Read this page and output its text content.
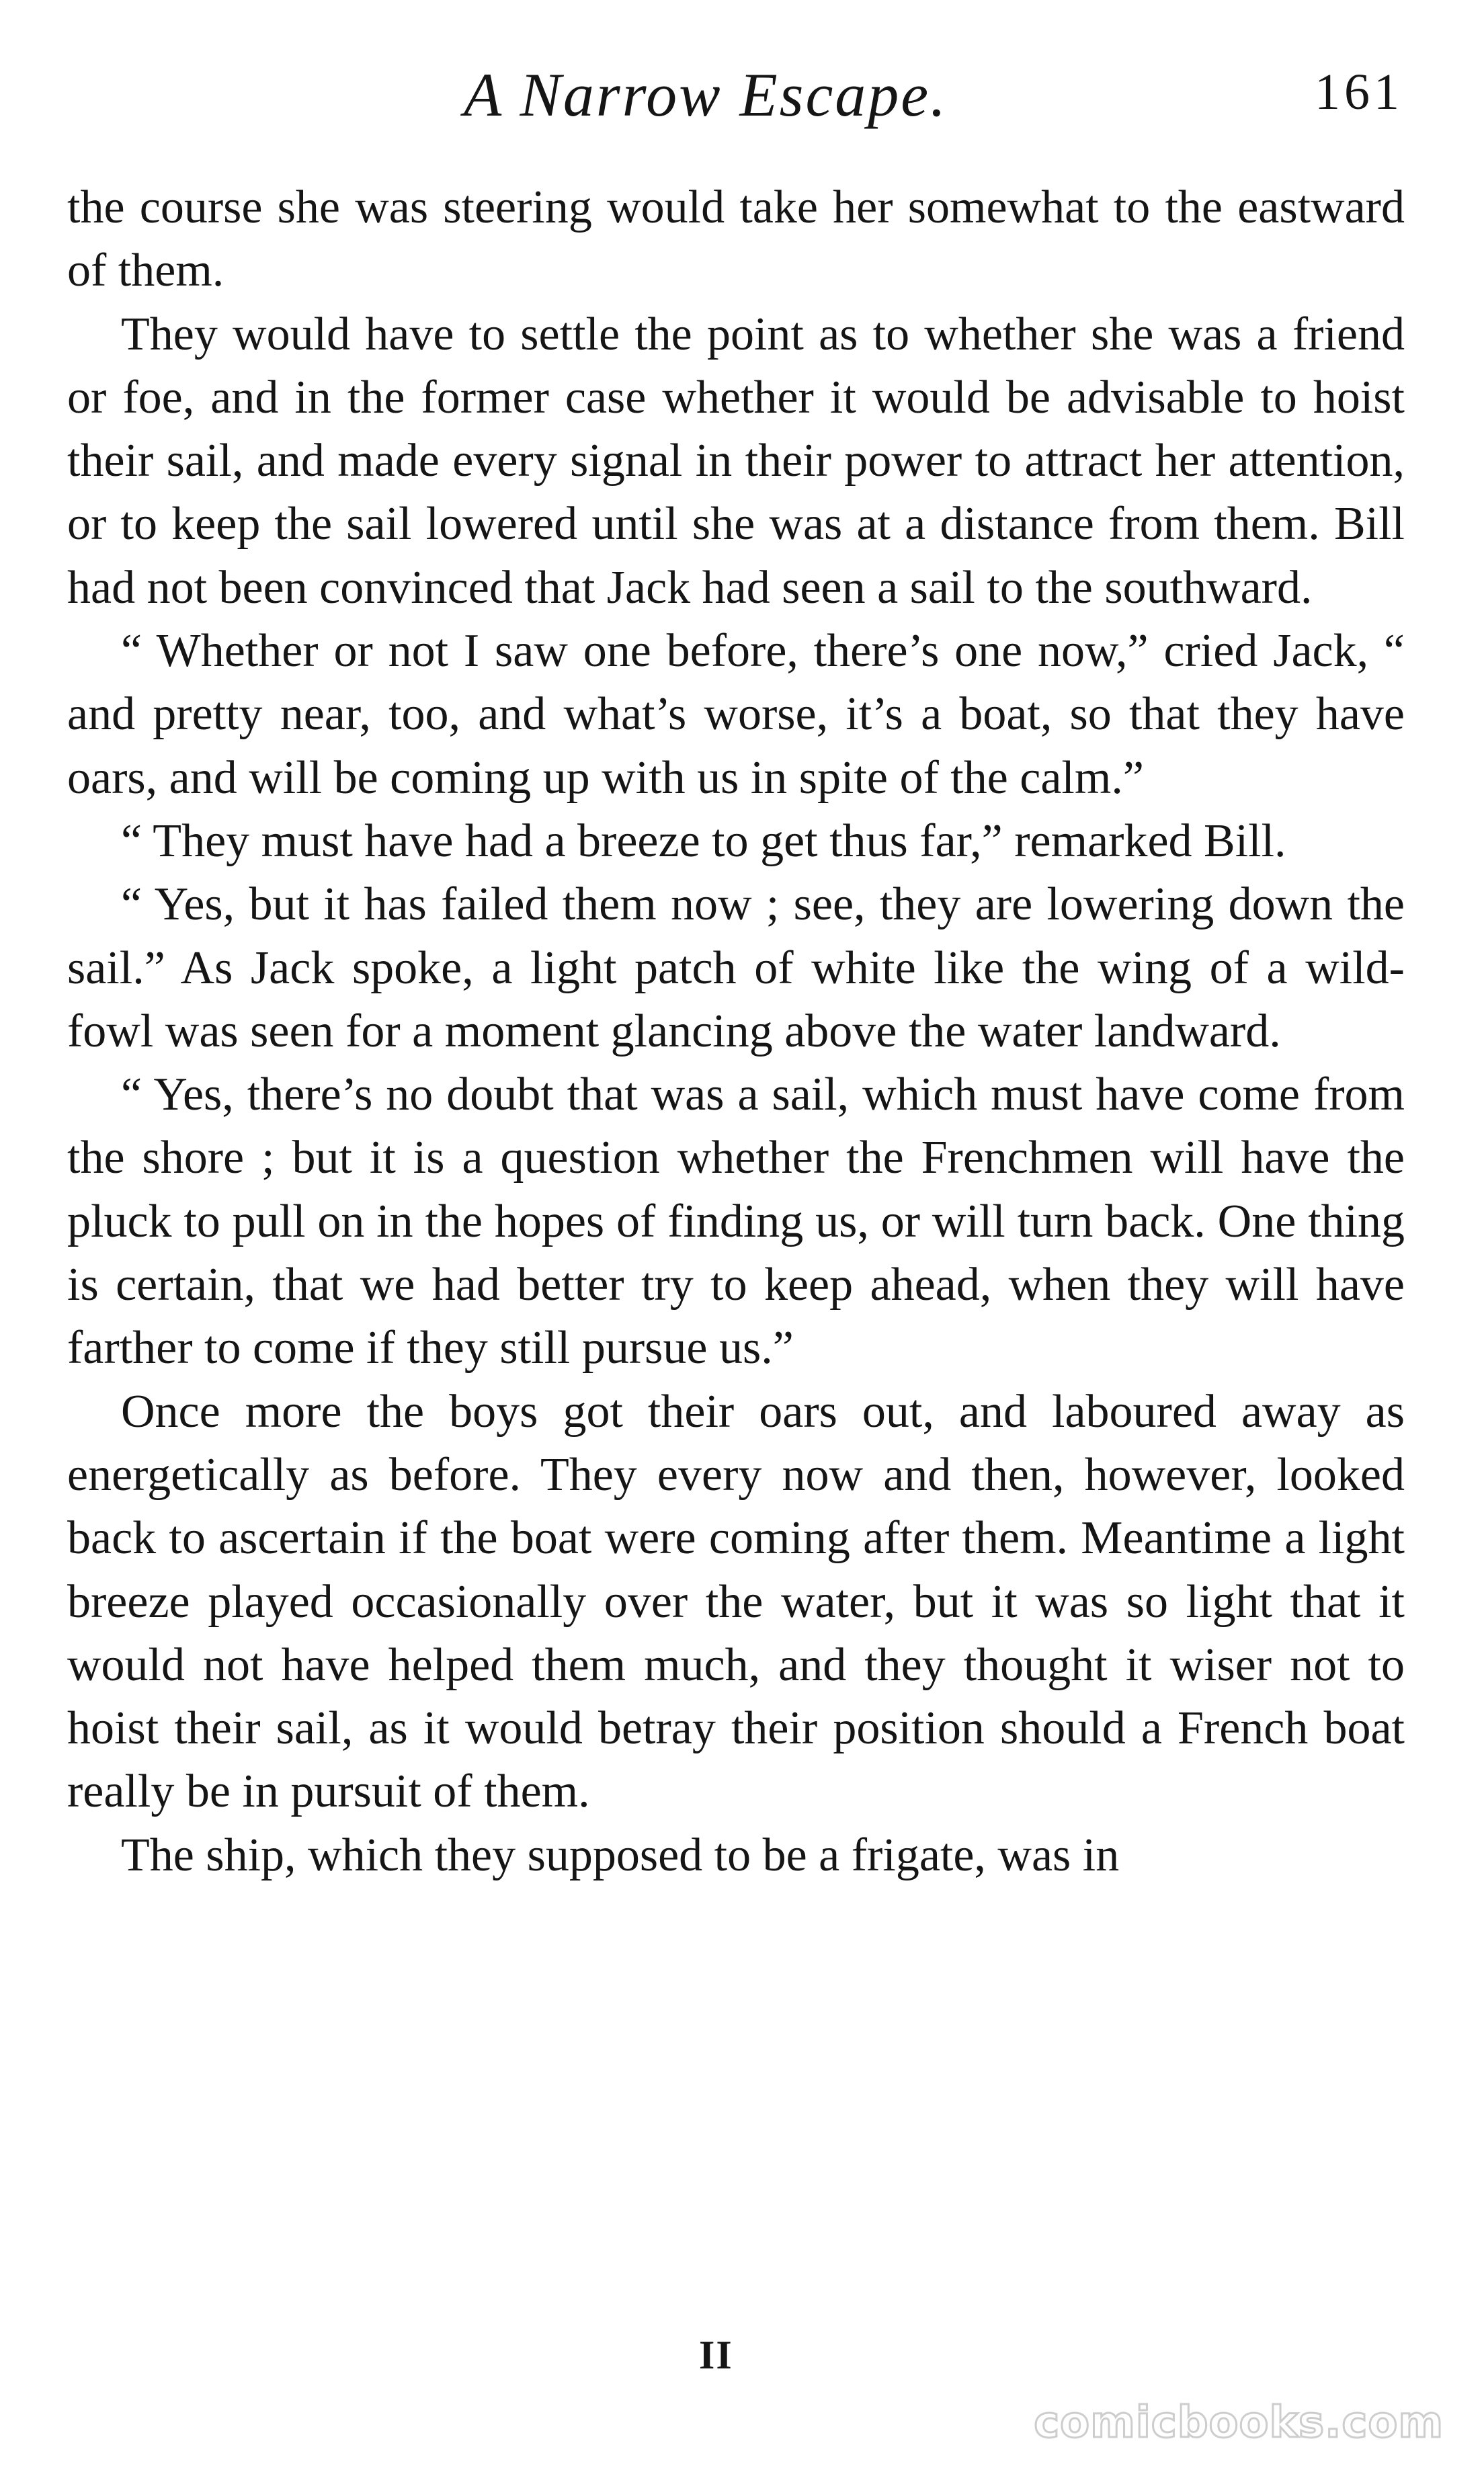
A Narrow Escape.	161

the course she was steering would take her somewhat to the eastward of them.

They would have to settle the point as to whether she was a friend or foe, and in the former case whether it would be advisable to hoist their sail, and made every signal in their power to attract her attention, or to keep the sail lowered until she was at a distance from them. Bill had not been convinced that Jack had seen a sail to the southward.

“ Whether or not I saw one before, there’s one now,” cried Jack, “ and pretty near, too, and what’s worse, it’s a boat, so that they have oars, and will be coming up with us in spite of the calm.”

“ They must have had a breeze to get thus far,” remarked Bill.

“ Yes, but it has failed them now ; see, they are lowering down the sail.” As Jack spoke, a light patch of white like the wing of a wild-fowl was seen for a moment glancing above the water landward.

“ Yes, there’s no doubt that was a sail, which must have come from the shore ; but it is a question whether the Frenchmen will have the pluck to pull on in the hopes of finding us, or will turn back. One thing is certain, that we had better try to keep ahead, when they will have farther to come if they still pursue us.”

Once more the boys got their oars out, and laboured away as energetically as before. They every now and then, however, looked back to ascertain if the boat were coming after them. Meantime a light breeze played occasionally over the water, but it was so light that it would not have helped them much, and they thought it wiser not to hoist their sail, as it would betray their position should a French boat really be in pursuit of them.

The ship, which they supposed to be a frigate, was in

II
comicbooks.com
